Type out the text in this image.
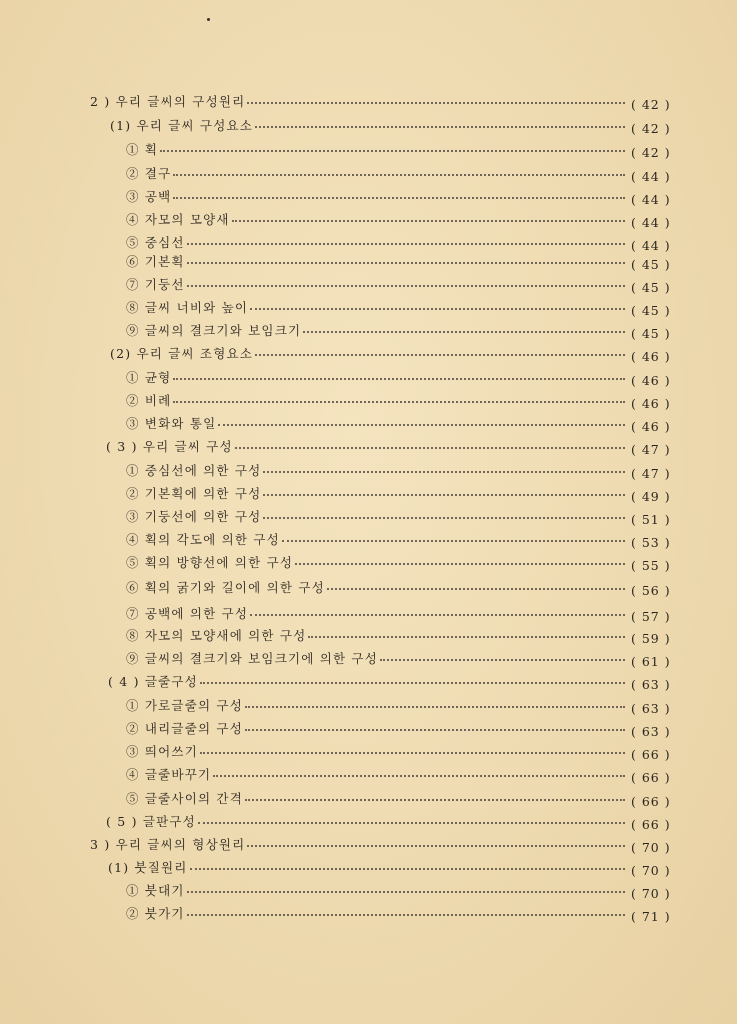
2 ) 우리 글씨의 구성원리	( 42 )
(1) 우리 글씨 구성요소	( 42 )
① 획	( 42 )
② 결구	( 44 )
③ 공백	( 44 )
④ 자모의 모양새	( 44 )
⑤ 중심선	( 44 )
⑥ 기본획	( 45 )
⑦ 기둥선	( 45 )
⑧ 글씨 너비와 높이	( 45 )
⑨ 글씨의 결크기와 보임크기	( 45 )
(2) 우리 글씨 조형요소	( 46 )
① 균형	( 46 )
② 비례	( 46 )
③ 변화와 통일	( 46 )
( 3 ) 우리 글씨 구성	( 47 )
① 중심선에 의한 구성	( 47 )
② 기본획에 의한 구성	( 49 )
③ 기둥선에 의한 구성	( 51 )
④ 획의 각도에 의한 구성	( 53 )
⑤ 획의 방향선에 의한 구성	( 55 )
⑥ 획의 굵기와 길이에 의한 구성	( 56 )
⑦ 공백에 의한 구성	( 57 )
⑧ 자모의 모양새에 의한 구성	( 59 )
⑨ 글씨의 결크기와 보임크기에 의한 구성	( 61 )
( 4 ) 글줄구성	( 63 )
① 가로글줄의 구성	( 63 )
② 내리글줄의 구성	( 63 )
③ 띄어쓰기	( 66 )
④ 글줄바꾸기	( 66 )
⑤ 글줄사이의 간격	( 66 )
( 5 ) 글판구성	( 66 )
3 ) 우리 글씨의 형상원리	( 70 )
(1) 붓질원리	( 70 )
① 붓대기	( 70 )
② 붓가기	( 71 )
